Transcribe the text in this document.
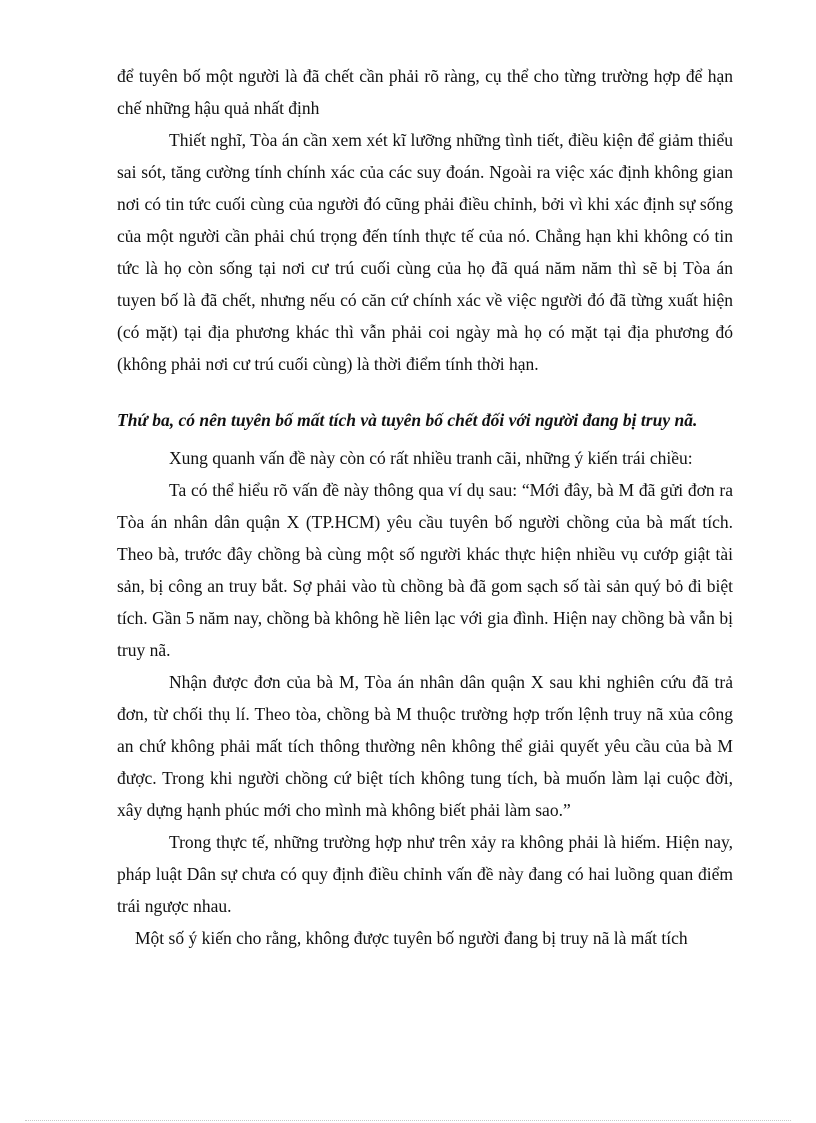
để tuyên bố một người là đã chết cần phải rõ ràng, cụ thể cho từng trường hợp để hạn chế những hậu quả nhất định

Thiết nghĩ, Tòa án cần xem xét kĩ lưỡng những tình tiết, điều kiện để giảm thiểu sai sót, tăng cường tính chính xác của các suy đoán. Ngoài ra việc xác định không gian nơi có tin tức cuối cùng của người đó cũng phải điều chỉnh, bởi vì khi xác định sự sống của một người cần phải chú trọng đến tính thực tế của nó. Chẳng hạn khi không có tin tức là họ còn sống tại nơi cư trú cuối cùng của họ đã quá năm năm thì sẽ bị Tòa án tuyen bố là đã chết, nhưng nếu có căn cứ chính xác về việc người đó đã từng xuất hiện (có mặt) tại địa phương khác thì vẫn phải coi ngày mà họ có mặt tại địa phương đó (không phải nơi cư trú cuối cùng) là thời điểm tính thời hạn.

Thứ ba, có nên tuyên bố mất tích và tuyên bố chết đối với người đang bị truy nã.

Xung quanh vấn đề này còn có rất nhiều tranh cãi, những ý kiến trái chiều:

Ta có thể hiểu rõ vấn đề này thông qua ví dụ sau: “Mới đây, bà M đã gửi đơn ra Tòa án nhân dân quận X (TP.HCM) yêu cầu tuyên bố người chồng của bà mất tích. Theo bà, trước đây chồng bà cùng một số người khác thực hiện nhiều vụ cướp giật tài sản, bị công an truy bắt. Sợ phải vào tù chồng bà đã gom sạch số tài sản quý bỏ đi biệt tích. Gần 5 năm nay, chồng bà không hề liên lạc với gia đình. Hiện nay chồng bà vẫn bị truy nã.

Nhận được đơn của bà M, Tòa án nhân dân quận X sau khi nghiên cứu đã trả đơn, từ chối thụ lí. Theo tòa, chồng bà M thuộc trường hợp trốn lệnh truy nã xủa công an chứ không phải mất tích thông thường nên không thể giải quyết yêu cầu của bà M được. Trong khi người chồng cứ biệt tích không tung tích, bà muốn làm lại cuộc đời, xây dựng hạnh phúc mới cho mình mà không biết phải làm sao.”

Trong thực tế, những trường hợp như trên xảy ra không phải là hiếm. Hiện nay, pháp luật Dân sự chưa có quy định điều chỉnh vấn đề này đang có hai luồng quan điểm trái ngược nhau.

Một số ý kiến cho rằng, không được tuyên bố người đang bị truy nã là mất tích
